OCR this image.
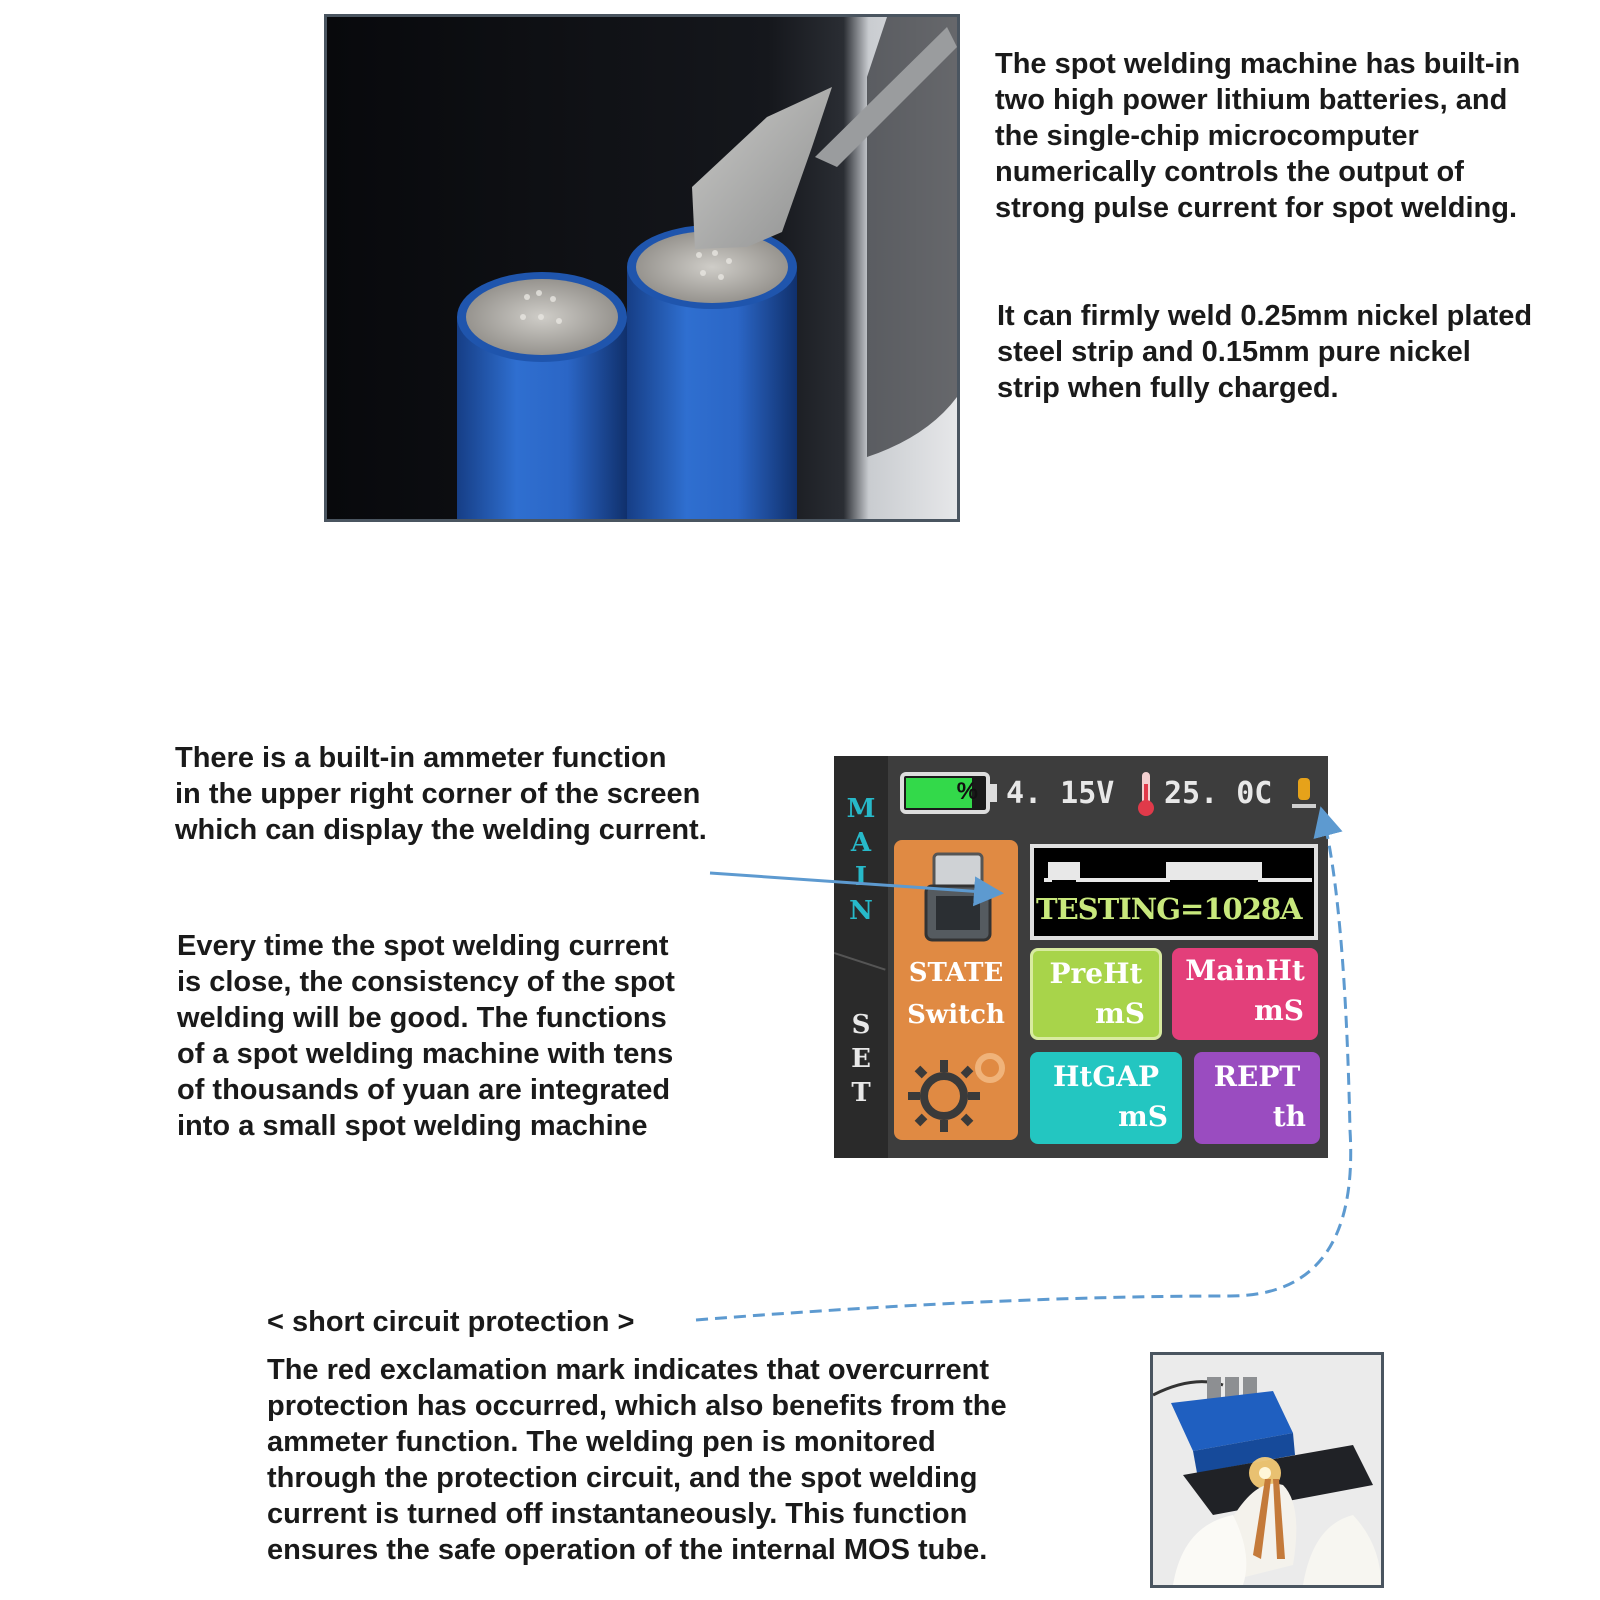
The spot welding machine has built-in
two high power lithium batteries, and
the single-chip microcomputer
numerically controls the output of
strong pulse current for spot welding.
It can firmly weld 0.25mm nickel plated
steel strip and 0.15mm pure nickel
strip when fully charged.
There is a built-in ammeter function
in the upper right corner of the screen
which can display the welding current.
Every time the spot welding current
is close, the consistency of the spot
welding will be good. The functions
of a spot welding machine with tens
of thousands of yuan are integrated
into a small spot welding machine
M
A
I
N
S
E
T
% 4. 15V 25. 0C
STATE
Switch
TESTING=1028A
PreHt
mS
MainHt
mS
HtGAP
mS
REPT
th
< short circuit protection >
The red exclamation mark indicates that overcurrent
protection has occurred, which also benefits from the
ammeter function. The welding pen is monitored
through the protection circuit, and the spot welding
current is turned off instantaneously. This function
ensures the safe operation of the internal MOS tube.
